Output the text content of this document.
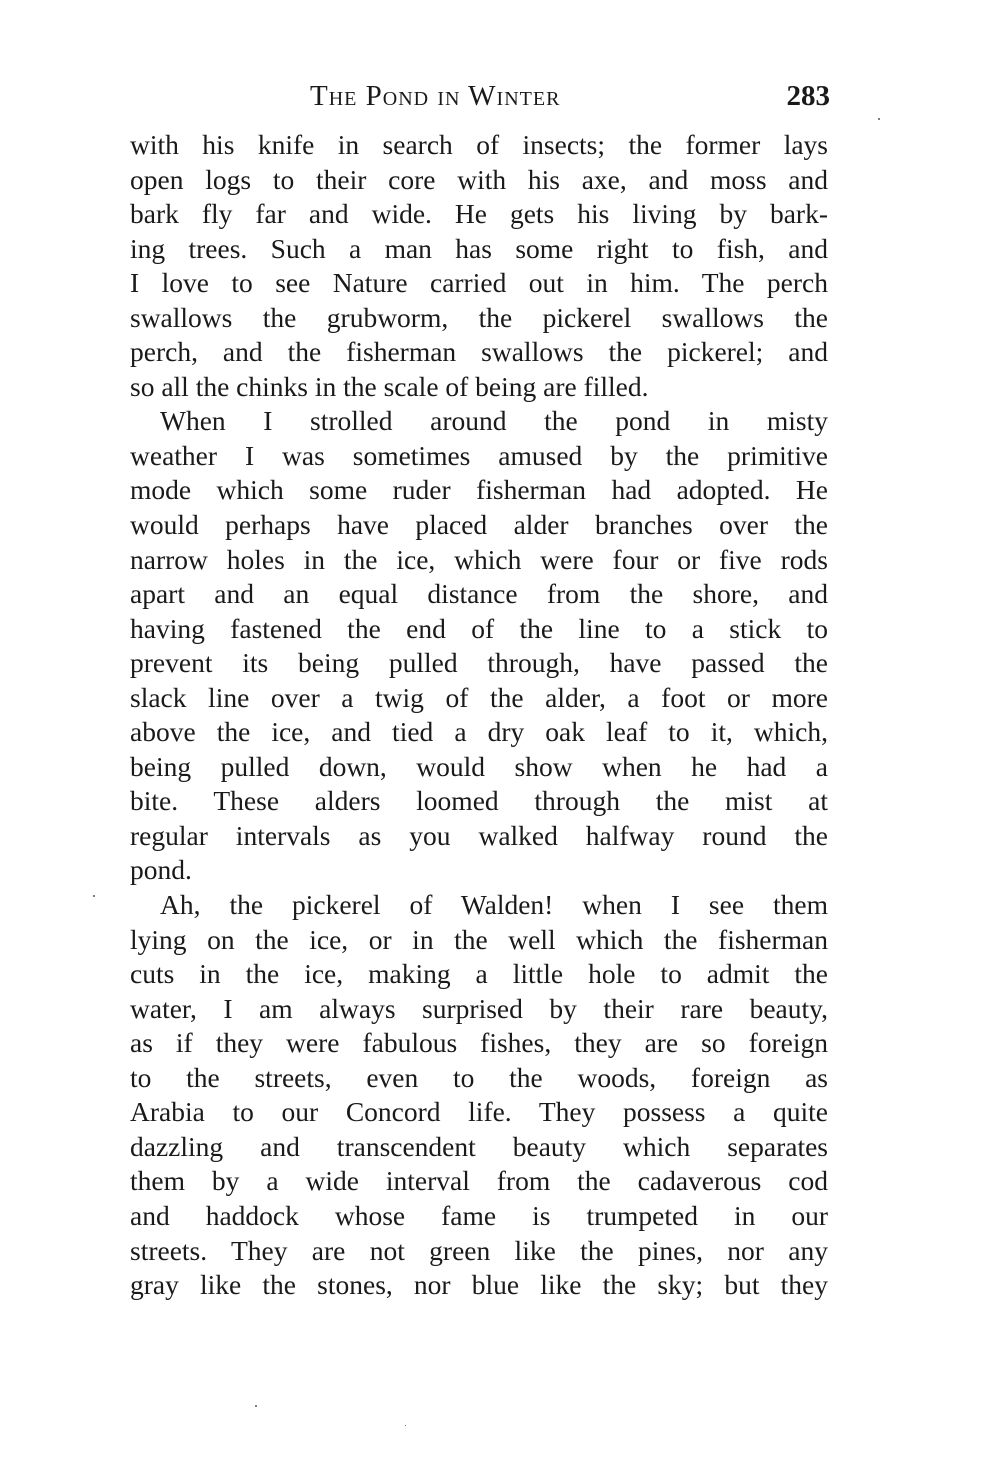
The Pond in Winter	283
with his knife in search of insects; the former lays
open logs to their core with his axe, and moss and
bark fly far and wide. He gets his living by bark-
ing trees. Such a man has some right to fish, and
I love to see Nature carried out in him. The perch
swallows the grubworm, the pickerel swallows the
perch, and the fisherman swallows the pickerel; and
so all the chinks in the scale of being are filled.
When I strolled around the pond in misty
weather I was sometimes amused by the primitive
mode which some ruder fisherman had adopted. He
would perhaps have placed alder branches over the
narrow holes in the ice, which were four or five rods
apart and an equal distance from the shore, and
having fastened the end of the line to a stick to
prevent its being pulled through, have passed the
slack line over a twig of the alder, a foot or more
above the ice, and tied a dry oak leaf to it, which,
being pulled down, would show when he had a
bite. These alders loomed through the mist at
regular intervals as you walked halfway round the
pond.
Ah, the pickerel of Walden! when I see them
lying on the ice, or in the well which the fisherman
cuts in the ice, making a little hole to admit the
water, I am always surprised by their rare beauty,
as if they were fabulous fishes, they are so foreign
to the streets, even to the woods, foreign as
Arabia to our Concord life. They possess a quite
dazzling and transcendent beauty which separates
them by a wide interval from the cadaverous cod
and haddock whose fame is trumpeted in our
streets. They are not green like the pines, nor any
gray like the stones, nor blue like the sky; but they
